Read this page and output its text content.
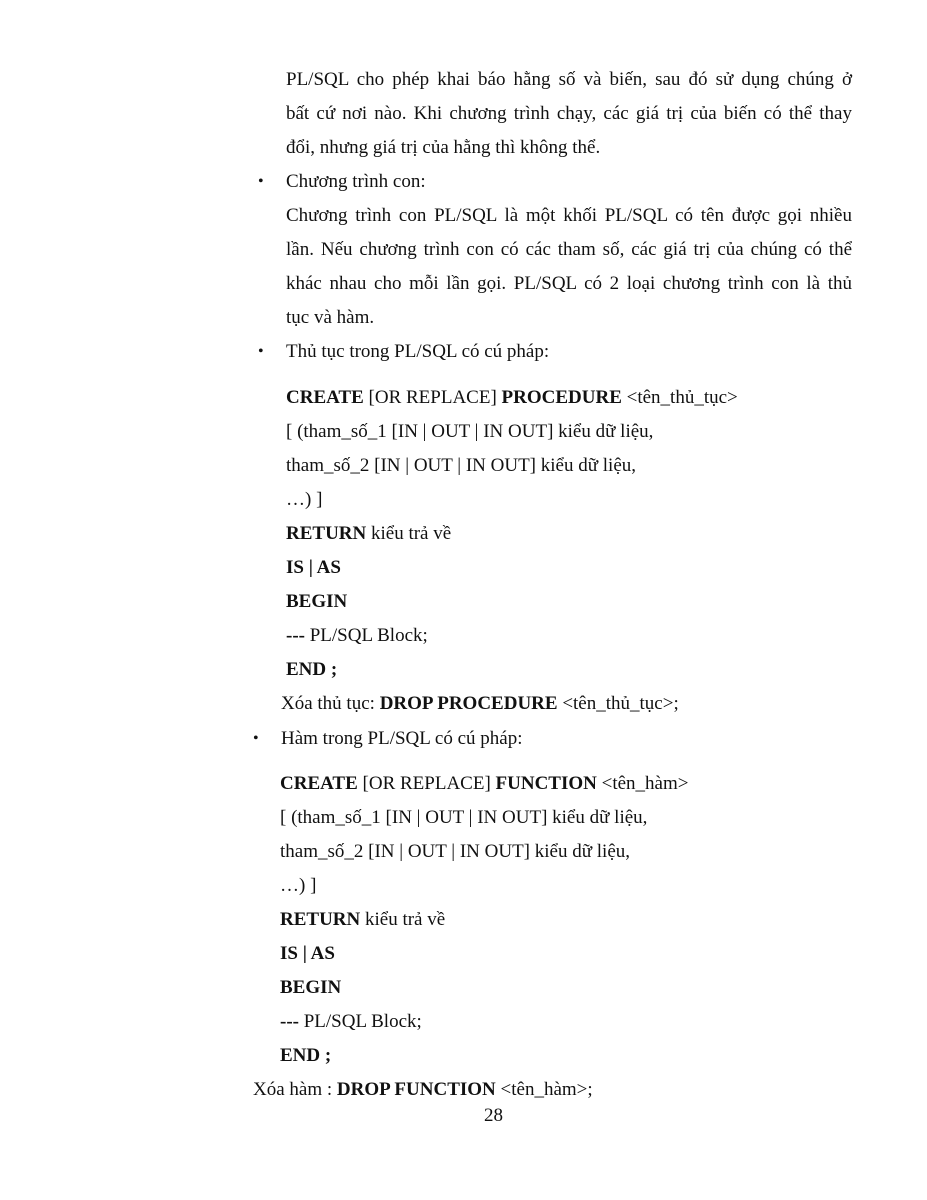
PL/SQL cho phép khai báo hằng số và biến, sau đó sử dụng chúng ở
bất cứ nơi nào. Khi chương trình chạy, các giá trị của biến có thể thay
đổi, nhưng giá trị của hằng thì không thể.
• Chương trình con:
Chương trình con PL/SQL là một khối PL/SQL có tên được gọi nhiều
lần. Nếu chương trình con có các tham số, các giá trị của chúng có thể
khác nhau cho mỗi lần gọi. PL/SQL có 2 loại chương trình con là thủ
tục và hàm.
• Thủ tục trong PL/SQL có cú pháp:
CREATE [OR REPLACE] PROCEDURE <tên_thủ_tục>
[ (tham_số_1 [IN | OUT | IN OUT] kiểu dữ liệu,
tham_số_2 [IN | OUT | IN OUT] kiểu dữ liệu,
…) ]
RETURN kiểu trả về
IS | AS
BEGIN
--- PL/SQL Block;
END ;
Xóa thủ tục: DROP PROCEDURE <tên_thủ_tục>;
• Hàm trong PL/SQL có cú pháp:
CREATE [OR REPLACE] FUNCTION <tên_hàm>
[ (tham_số_1 [IN | OUT | IN OUT] kiểu dữ liệu,
tham_số_2 [IN | OUT | IN OUT] kiểu dữ liệu,
…) ]
RETURN kiểu trả về
IS | AS
BEGIN
--- PL/SQL Block;
END ;
Xóa hàm : DROP FUNCTION <tên_hàm>;
28
